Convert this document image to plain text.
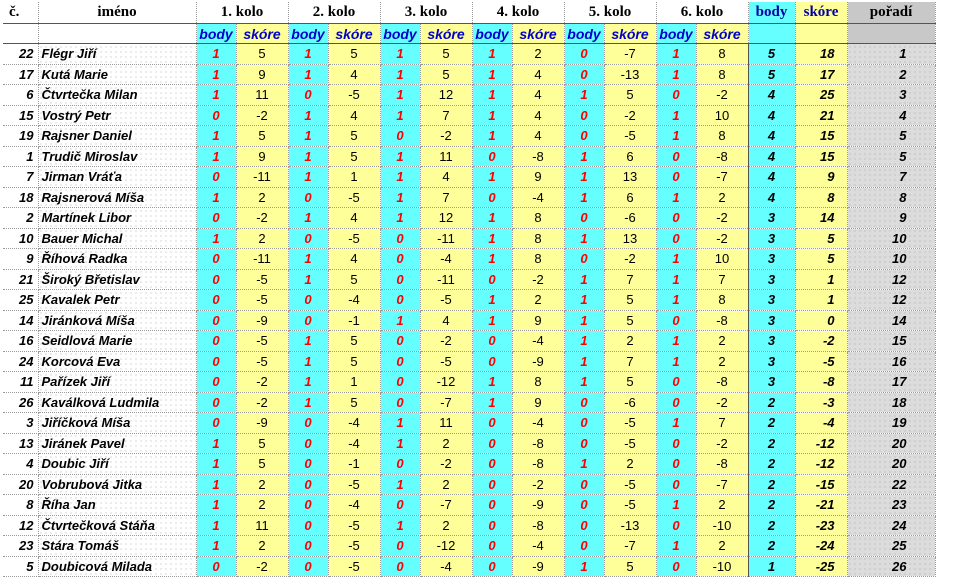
č.	iméno	1. kolo		2. kolo		3. kolo		4. kolo		5. kolo		6. kolo		body	skóre	pořadí
		body	skóre	body	skóre	body	skóre	body	skóre	body	skóre	body	skóre			
22	Flégr Jiří	1	5	1	5	1	5	1	2	0	-7	1	8	5	18	1
17	Kutá Marie	1	9	1	4	1	5	1	4	0	-13	1	8	5	17	2
6	Čtvrtečka Milan	1	11	0	-5	1	12	1	4	1	5	0	-2	4	25	3
15	Vostrý Petr	0	-2	1	4	1	7	1	4	0	-2	1	10	4	21	4
19	Rajsner Daniel	1	5	1	5	0	-2	1	4	0	-5	1	8	4	15	5
1	Trudič Miroslav	1	9	1	5	1	11	0	-8	1	6	0	-8	4	15	5
7	Jirman Vráťa	0	-11	1	1	1	4	1	9	1	13	0	-7	4	9	7
18	Rajsnerová Míša	1	2	0	-5	1	7	0	-4	1	6	1	2	4	8	8
2	Martínek Libor	0	-2	1	4	1	12	1	8	0	-6	0	-2	3	14	9
10	Bauer Michal	1	2	0	-5	0	-11	1	8	1	13	0	-2	3	5	10
9	Říhová Radka	0	-11	1	4	0	-4	1	8	0	-2	1	10	3	5	10
21	Široký Břetislav	0	-5	1	5	0	-11	0	-2	1	7	1	7	3	1	12
25	Kavalek Petr	0	-5	0	-4	0	-5	1	2	1	5	1	8	3	1	12
14	Jiránková Míša	0	-9	0	-1	1	4	1	9	1	5	0	-8	3	0	14
16	Seidlová Marie	0	-5	1	5	0	-2	0	-4	1	2	1	2	3	-2	15
24	Korcová Eva	0	-5	1	5	0	-5	0	-9	1	7	1	2	3	-5	16
11	Pařízek Jiří	0	-2	1	1	0	-12	1	8	1	5	0	-8	3	-8	17
26	Kaválková Ludmila	0	-2	1	5	0	-7	1	9	0	-6	0	-2	2	-3	18
3	Jiříčková Míša	0	-9	0	-4	1	11	0	-4	0	-5	1	7	2	-4	19
13	Jiránek Pavel	1	5	0	-4	1	2	0	-8	0	-5	0	-2	2	-12	20
4	Doubic Jiří	1	5	0	-1	0	-2	0	-8	1	2	0	-8	2	-12	20
20	Vobrubová Jitka	1	2	0	-5	1	2	0	-2	0	-5	0	-7	2	-15	22
8	Říha Jan	1	2	0	-4	0	-7	0	-9	0	-5	1	2	2	-21	23
12	Čtvrtečková Stáňa	1	11	0	-5	1	2	0	-8	0	-13	0	-10	2	-23	24
23	Stára Tomáš	1	2	0	-5	0	-12	0	-4	0	-7	1	2	2	-24	25
5	Doubicová Milada	0	-2	0	-5	0	-4	0	-9	1	5	0	-10	1	-25	26
